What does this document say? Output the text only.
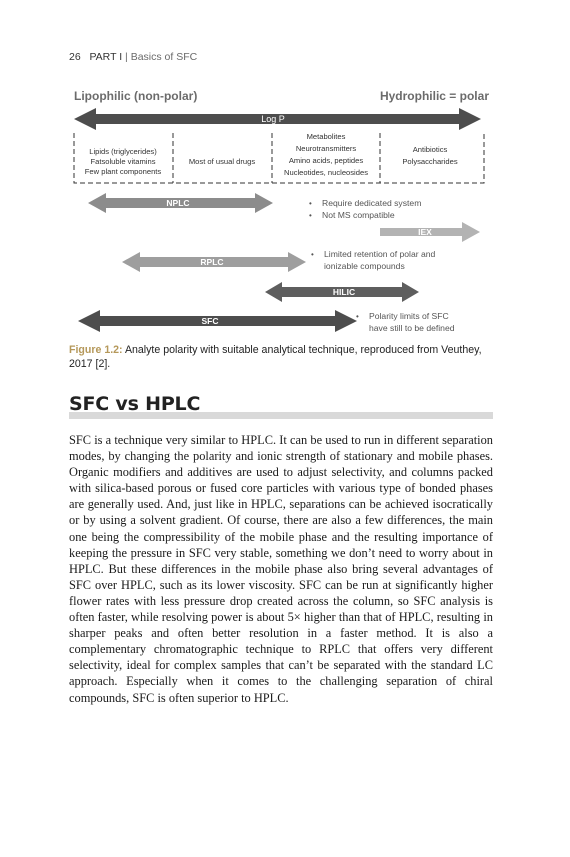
26 PART I | Basics of SFC
Lipophilic (non-polar)	Hydrophilic = polar
Log P
Lipids (triglycerides)
Fatsoluble vitamins
Few plant components
Most of usual drugs
Metabolites
Neurotransmitters
Amino acids, peptides
Nucleotides, nucleosides
Antibiotics
Polysaccharides
NPLC	• Require dedicated system
• Not MS compatible
IEX
RPLC
• Limited retention of polar and
ionizable compounds
HILIC
SFC	• Polarity limits of SFC
have still to be defined
Figure 1.2: Analyte polarity with suitable analytical technique, reproduced from Veuthey, 2017 [2].
SFC vs HPLC
SFC is a technique very similar to HPLC. It can be used to run in different separation modes, by changing the polarity and ionic strength of stationary and mobile phases. Organic modifiers and additives are used to adjust selectivity, and columns packed with silica-based porous or fused core particles with various type of bonded phases are generally used. And, just like in HPLC, separations can be achieved isocratically or by using a solvent gradient. Of course, there are also a few differences, the main one being the compressibility of the mobile phase and the resulting importance of keeping the pressure in SFC very stable, something we don’t need to worry about in HPLC. But these differences in the mobile phase also bring several advantages of SFC over HPLC, such as its lower viscosity. SFC can be run at significantly higher flower rates with less pressure drop created across the column, so SFC analysis is often faster, while resolving power is about 5× higher than that of HPLC, resulting in sharper peaks and often better resolution in a faster method. It is also a complementary chromatographic technique to RPLC that offers very different selectivity, ideal for complex samples that can’t be separated with the standard LC approach. Especially when it comes to the challenging separation of chiral compounds, SFC is often superior to HPLC.
